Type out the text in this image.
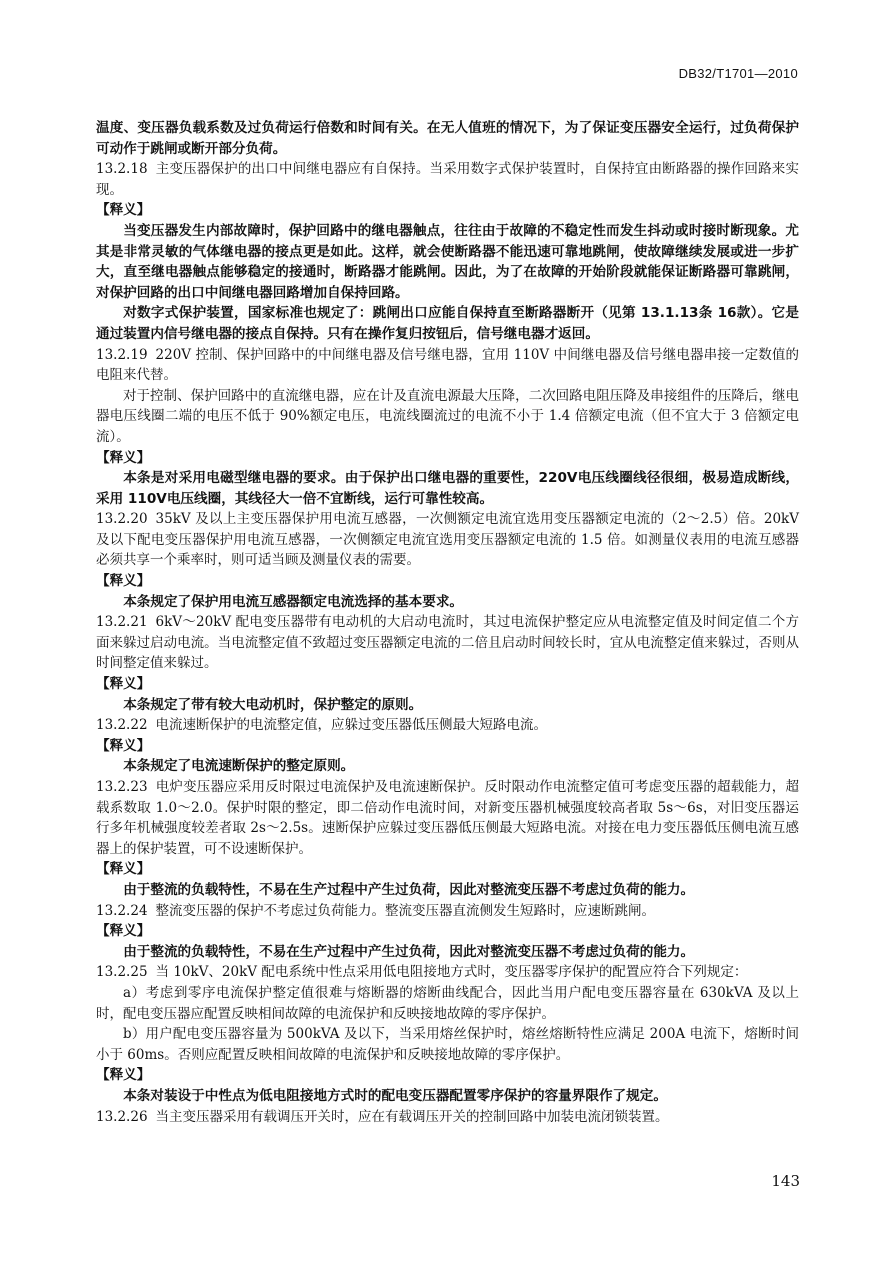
DB32/T1701—2010

温度、变压器负载系数及过负荷运行倍数和时间有关。在无人值班的情况下，为了保证变压器安全运行，过负荷保护可动作于跳闸或断开部分负荷。

13.2.18 主变压器保护的出口中间继电器应有自保持。当采用数字式保护装置时，自保持宜由断路器的操作回路来实现。

【释义】

当变压器发生内部故障时，保护回路中的继电器触点，往往由于故障的不稳定性而发生抖动或时接时断现象。尤其是非常灵敏的气体继电器的接点更是如此。这样，就会使断路器不能迅速可靠地跳闸，使故障继续发展或进一步扩大，直至继电器触点能够稳定的接通时，断路器才能跳闸。因此，为了在故障的开始阶段就能保证断路器可靠跳闸，对保护回路的出口中间继电器回路增加自保持回路。

对数字式保护装置，国家标准也规定了：跳闸出口应能自保持直至断路器断开（见第 13.1.13条 16款）。它是通过装置内信号继电器的接点自保持。只有在操作复归按钮后，信号继电器才返回。

13.2.19 220V 控制、保护回路中的中间继电器及信号继电器，宜用 110V 中间继电器及信号继电器串接一定数值的电阻来代替。

对于控制、保护回路中的直流继电器，应在计及直流电源最大压降，二次回路电阻压降及串接组件的压降后，继电器电压线圈二端的电压不低于 90%额定电压，电流线圈流过的电流不小于 1.4 倍额定电流（但不宜大于 3 倍额定电流）。

【释义】

本条是对采用电磁型继电器的要求。由于保护出口继电器的重要性，220V电压线圈线径很细，极易造成断线，采用 110V电压线圈，其线径大一倍不宜断线，运行可靠性较高。

13.2.20 35kV 及以上主变压器保护用电流互感器，一次侧额定电流宜选用变压器额定电流的（2～2.5）倍。20kV 及以下配电变压器保护用电流互感器，一次侧额定电流宜选用变压器额定电流的 1.5 倍。如测量仪表用的电流互感器必须共享一个乘率时，则可适当顾及测量仪表的需要。

【释义】

本条规定了保护用电流互感器额定电流选择的基本要求。

13.2.21 6kV～20kV 配电变压器带有电动机的大启动电流时，其过电流保护整定应从电流整定值及时间定值二个方面来躲过启动电流。当电流整定值不致超过变压器额定电流的二倍且启动时间较长时，宜从电流整定值来躲过，否则从时间整定值来躲过。

【释义】

本条规定了带有较大电动机时，保护整定的原则。

13.2.22 电流速断保护的电流整定值，应躲过变压器低压侧最大短路电流。

【释义】

本条规定了电流速断保护的整定原则。

13.2.23 电炉变压器应采用反时限过电流保护及电流速断保护。反时限动作电流整定值可考虑变压器的超载能力，超载系数取 1.0～2.0。保护时限的整定，即二倍动作电流时间，对新变压器机械强度较高者取 5s～6s，对旧变压器运行多年机械强度较差者取 2s～2.5s。速断保护应躲过变压器低压侧最大短路电流。对接在电力变压器低压侧电流互感器上的保护装置，可不设速断保护。

【释义】

由于整流的负载特性，不易在生产过程中产生过负荷，因此对整流变压器不考虑过负荷的能力。

13.2.24 整流变压器的保护不考虑过负荷能力。整流变压器直流侧发生短路时，应速断跳闸。

【释义】

由于整流的负载特性，不易在生产过程中产生过负荷，因此对整流变压器不考虑过负荷的能力。

13.2.25 当 10kV、20kV 配电系统中性点采用低电阻接地方式时，变压器零序保护的配置应符合下列规定：

a）考虑到零序电流保护整定值很难与熔断器的熔断曲线配合，因此当用户配电变压器容量在 630kVA 及以上时，配电变压器应配置反映相间故障的电流保护和反映接地故障的零序保护。

b）用户配电变压器容量为 500kVA 及以下，当采用熔丝保护时，熔丝熔断特性应满足 200A 电流下，熔断时间小于 60ms。否则应配置反映相间故障的电流保护和反映接地故障的零序保护。

【释义】

本条对装设于中性点为低电阻接地方式时的配电变压器配置零序保护的容量界限作了规定。

13.2.26 当主变压器采用有载调压开关时，应在有载调压开关的控制回路中加装电流闭锁装置。

143
